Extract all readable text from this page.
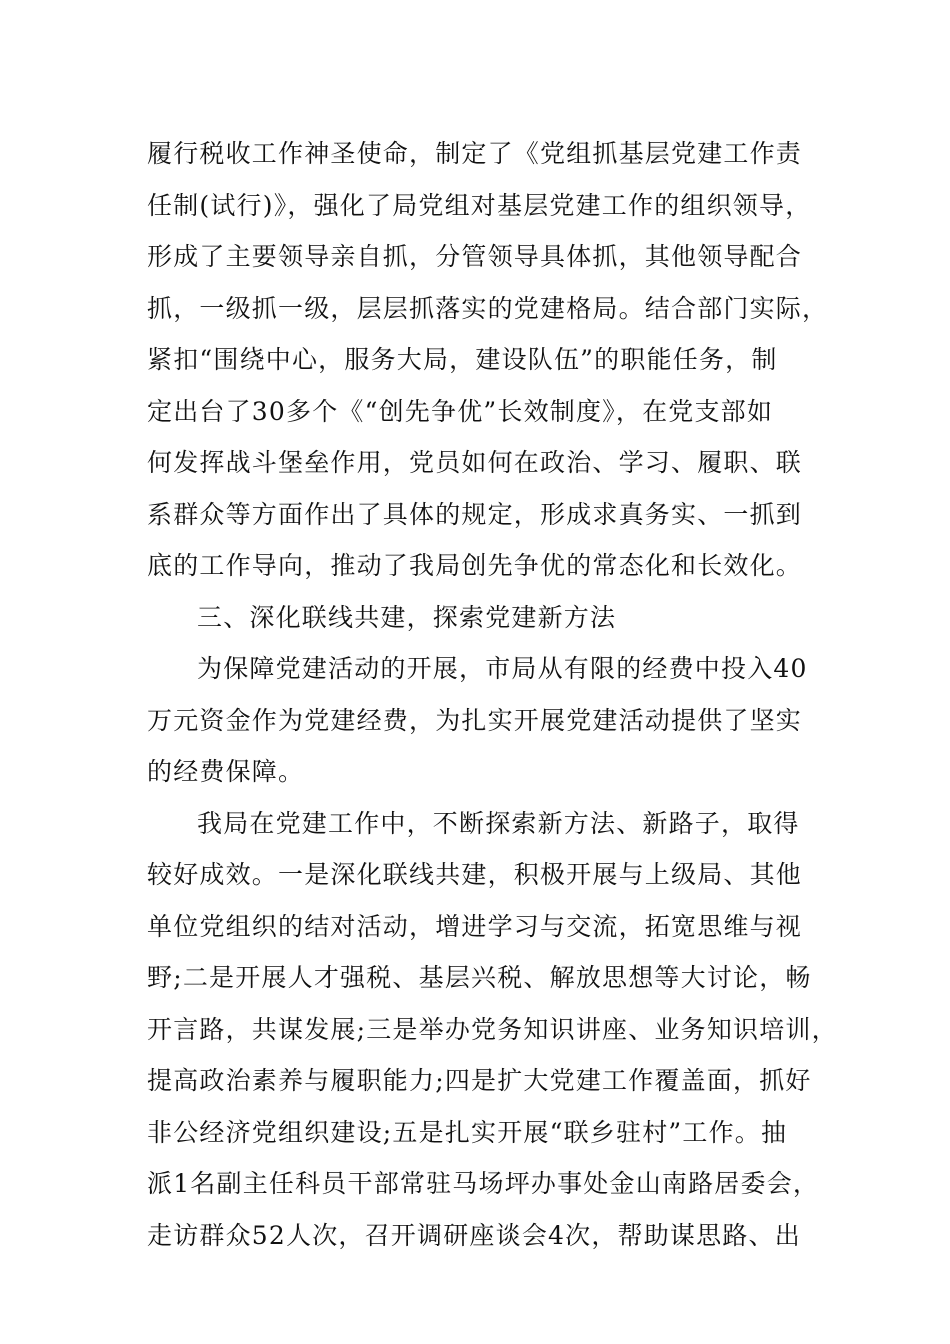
履行税收工作神圣使命，制定了《党组抓基层党建工作责
任制(试行)》，强化了局党组对基层党建工作的组织领导，
形成了主要领导亲自抓，分管领导具体抓，其他领导配合
抓，一级抓一级，层层抓落实的党建格局。结合部门实际，
紧扣“围绕中心，服务大局，建设队伍”的职能任务，制
定出台了30多个《“创先争优”长效制度》，在党支部如
何发挥战斗堡垒作用，党员如何在政治、学习、履职、联
系群众等方面作出了具体的规定，形成求真务实、一抓到
底的工作导向，推动了我局创先争优的常态化和长效化。
三、深化联线共建，探索党建新方法
为保障党建活动的开展，市局从有限的经费中投入40
万元资金作为党建经费，为扎实开展党建活动提供了坚实
的经费保障。
我局在党建工作中，不断探索新方法、新路子，取得
较好成效。一是深化联线共建，积极开展与上级局、其他
单位党组织的结对活动，增进学习与交流，拓宽思维与视
野;二是开展人才强税、基层兴税、解放思想等大讨论，畅
开言路，共谋发展;三是举办党务知识讲座、业务知识培训，
提高政治素养与履职能力;四是扩大党建工作覆盖面，抓好
非公经济党组织建设;五是扎实开展“联乡驻村”工作。抽
派1名副主任科员干部常驻马场坪办事处金山南路居委会，
走访群众52人次，召开调研座谈会4次，帮助谋思路、出
